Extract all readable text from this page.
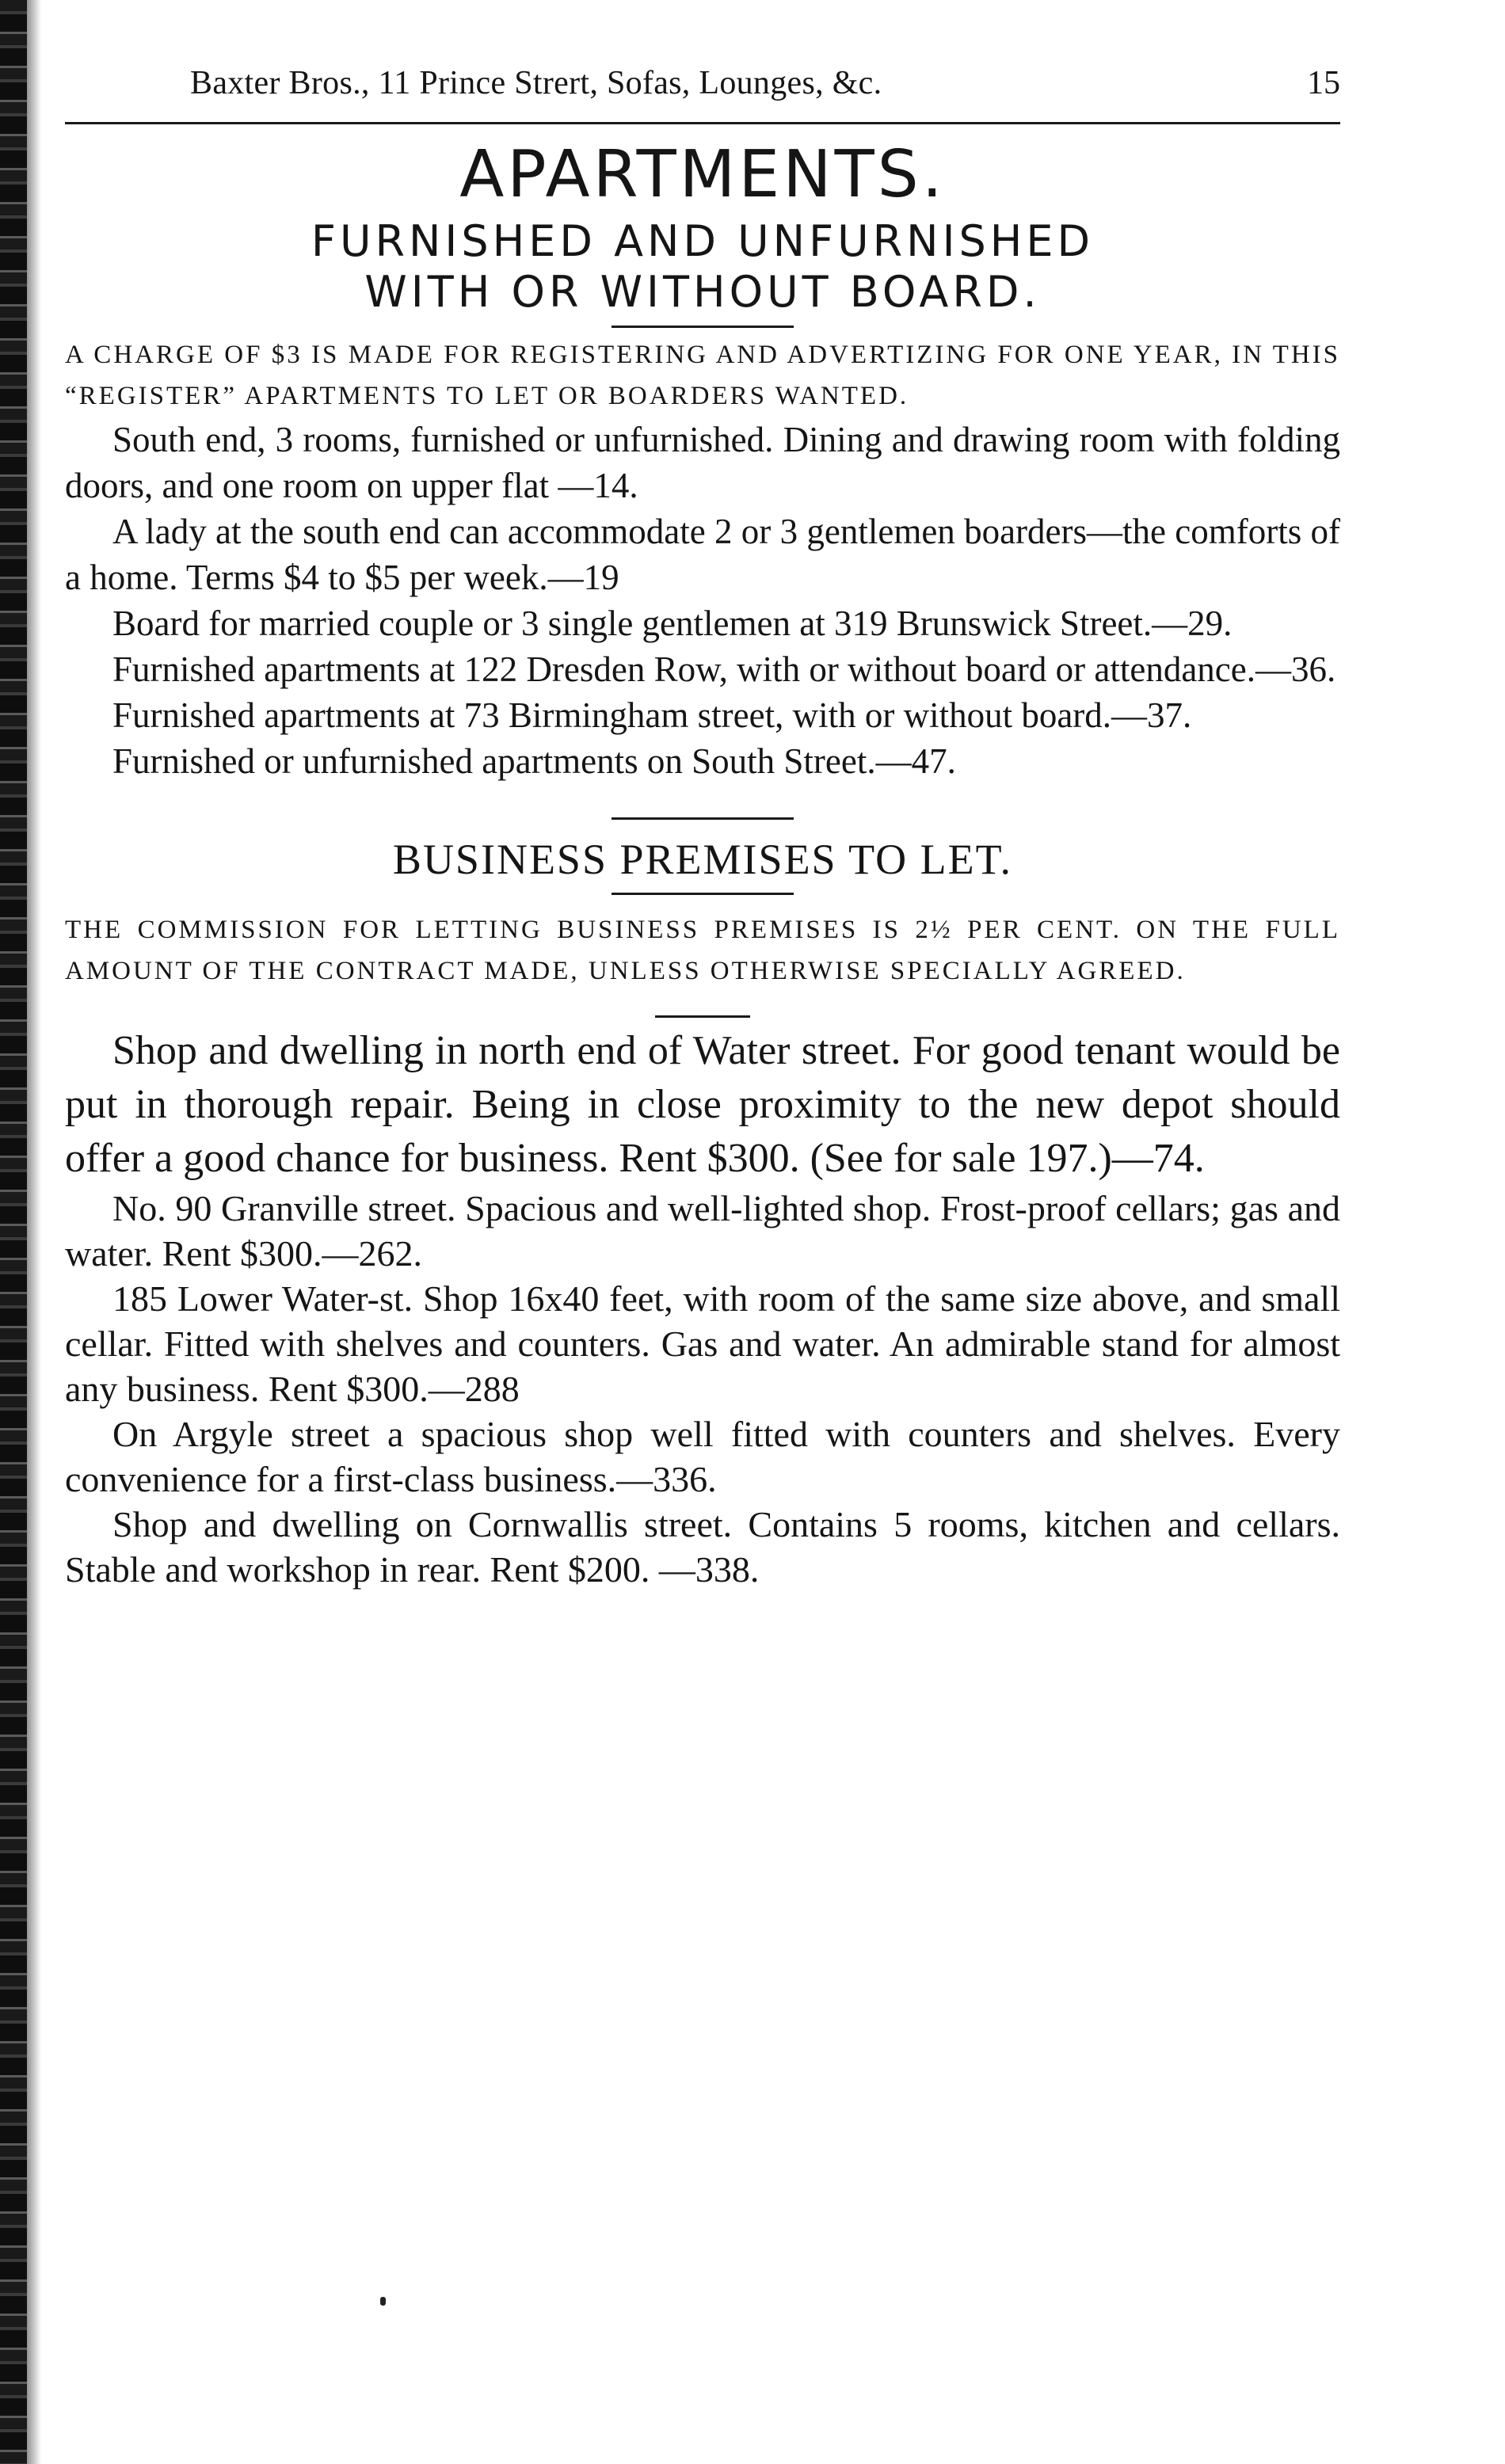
Baxter Bros., 11 Prince Strert, Sofas, Lounges, &c.	15
APARTMENTS.
FURNISHED AND UNFURNISHED
WITH OR WITHOUT BOARD.
A CHARGE OF $3 IS MADE FOR REGISTERING AND ADVERTIZING FOR ONE YEAR, IN THIS “REGISTER” APARTMENTS TO LET OR BOARDERS WANTED.

South end, 3 rooms, furnished or unfurnished. Dining and drawing room with folding doors, and one room on upper flat —14.

A lady at the south end can accommodate 2 or 3 gentlemen boarders—the comforts of a home. Terms $4 to $5 per week.—19

Board for married couple or 3 single gentlemen at 319 Brunswick Street.—29.

Furnished apartments at 122 Dresden Row, with or without board or attendance.—36.

Furnished apartments at 73 Birmingham street, with or without board.—37.

Furnished or unfurnished apartments on South Street.—47.

BUSINESS PREMISES TO LET.
THE COMMISSION FOR LETTING BUSINESS PREMISES IS 2½ PER CENT. ON THE FULL AMOUNT OF THE CONTRACT MADE, UNLESS OTHERWISE SPECIALLY AGREED.

Shop and dwelling in north end of Water street. For good tenant would be put in thorough repair. Being in close proximity to the new depot should offer a good chance for business. Rent $300. (See for sale 197.)—74.

No. 90 Granville street. Spacious and well-lighted shop. Frost-proof cellars; gas and water. Rent $300.—262.

185 Lower Water-st. Shop 16x40 feet, with room of the same size above, and small cellar. Fitted with shelves and counters. Gas and water. An admirable stand for almost any business. Rent $300.—288

On Argyle street a spacious shop well fitted with counters and shelves. Every convenience for a first-class business.—336.

Shop and dwelling on Cornwallis street. Contains 5 rooms, kitchen and cellars. Stable and workshop in rear. Rent $200. —338.
